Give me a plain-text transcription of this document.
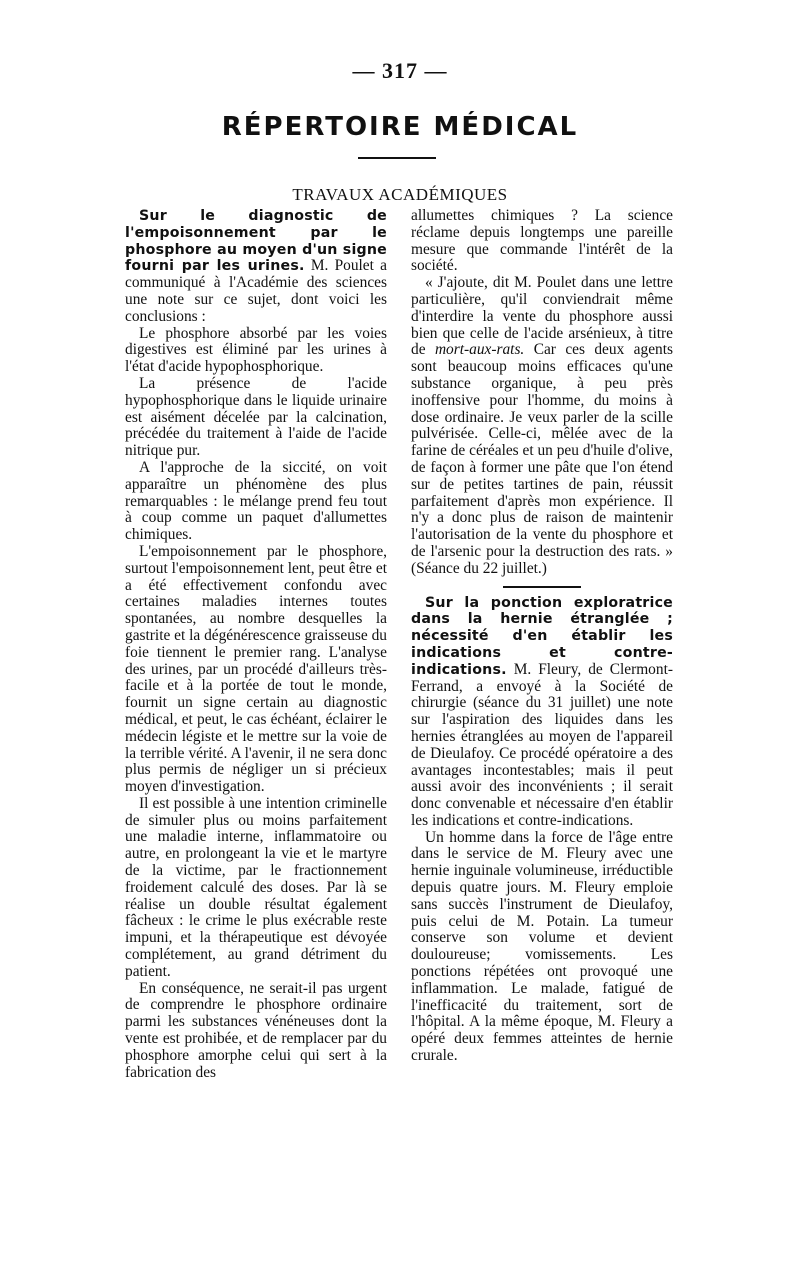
— 317 —
RÉPERTOIRE MÉDICAL
TRAVAUX ACADÉMIQUES

Sur le diagnostic de l'empoisonnement par le phosphore au moyen d'un signe fourni par les urines. M. Poulet a communiqué à l'Académie des sciences une note sur ce sujet, dont voici les conclusions :

Le phosphore absorbé par les voies digestives est éliminé par les urines à l'état d'acide hypophosphorique.

La présence de l'acide hypophosphorique dans le liquide urinaire est aisément décelée par la calcination, précédée du traitement à l'aide de l'acide nitrique pur.

A l'approche de la siccité, on voit apparaître un phénomène des plus remarquables : le mélange prend feu tout à coup comme un paquet d'allumettes chimiques.

L'empoisonnement par le phosphore, surtout l'empoisonnement lent, peut être et a été effectivement confondu avec certaines maladies internes toutes spontanées, au nombre desquelles la gastrite et la dégénérescence graisseuse du foie tiennent le premier rang. L'analyse des urines, par un procédé d'ailleurs très-facile et à la portée de tout le monde, fournit un signe certain au diagnostic médical, et peut, le cas échéant, éclairer le médecin légiste et le mettre sur la voie de la terrible vérité. A l'avenir, il ne sera donc plus permis de négliger un si précieux moyen d'investigation.

Il est possible à une intention criminelle de simuler plus ou moins parfaitement une maladie interne, inflammatoire ou autre, en prolongeant la vie et le martyre de la victime, par le fractionnement froidement calculé des doses. Par là se réalise un double résultat également fâcheux : le crime le plus exécrable reste impuni, et la thérapeutique est dévoyée complétement, au grand détriment du patient.

En conséquence, ne serait-il pas urgent de comprendre le phosphore ordinaire parmi les substances vénéneuses dont la vente est prohibée, et de remplacer par du phosphore amorphe celui qui sert à la fabrication des

allumettes chimiques ? La science réclame depuis longtemps une pareille mesure que commande l'intérêt de la société.

« J'ajoute, dit M. Poulet dans une lettre particulière, qu'il conviendrait même d'interdire la vente du phosphore aussi bien que celle de l'acide arsénieux, à titre de mort-aux-rats. Car ces deux agents sont beaucoup moins efficaces qu'une substance organique, à peu près inoffensive pour l'homme, du moins à dose ordinaire. Je veux parler de la scille pulvérisée. Celle-ci, mêlée avec de la farine de céréales et un peu d'huile d'olive, de façon à former une pâte que l'on étend sur de petites tartines de pain, réussit parfaitement d'après mon expérience. Il n'y a donc plus de raison de maintenir l'autorisation de la vente du phosphore et de l'arsenic pour la destruction des rats. » (Séance du 22 juillet.)

Sur la ponction exploratrice dans la hernie étranglée ; nécessité d'en établir les indications et contre-indications. M. Fleury, de Clermont-Ferrand, a envoyé à la Société de chirurgie (séance du 31 juillet) une note sur l'aspiration des liquides dans les hernies étranglées au moyen de l'appareil de Dieulafoy. Ce procédé opératoire a des avantages incontestables; mais il peut aussi avoir des inconvénients ; il serait donc convenable et nécessaire d'en établir les indications et contre-indications.

Un homme dans la force de l'âge entre dans le service de M. Fleury avec une hernie inguinale volumineuse, irréductible depuis quatre jours. M. Fleury emploie sans succès l'instrument de Dieulafoy, puis celui de M. Potain. La tumeur conserve son volume et devient douloureuse; vomissements. Les ponctions répétées ont provoqué une inflammation. Le malade, fatigué de l'inefficacité du traitement, sort de l'hôpital. A la même époque, M. Fleury a opéré deux femmes atteintes de hernie crurale.
